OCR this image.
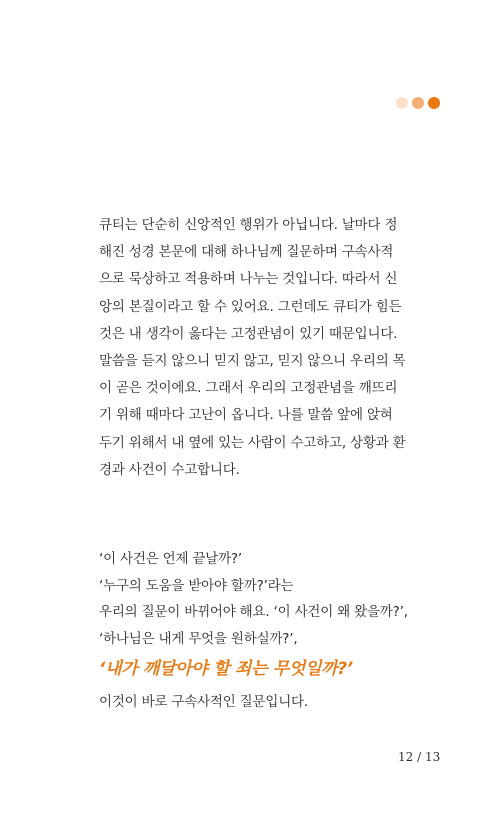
큐티는 단순히 신앙적인 행위가 아닙니다. 날마다 정
해진 성경 본문에 대해 하나님께 질문하며 구속사적
으로 묵상하고 적용하며 나누는 것입니다. 따라서 신
앙의 본질이라고 할 수 있어요. 그런데도 큐티가 힘든
것은 내 생각이 옳다는 고정관념이 있기 때문입니다.
말씀을 듣지 않으니 믿지 않고, 믿지 않으니 우리의 목
이 곧은 것이에요. 그래서 우리의 고정관념을 깨뜨리
기 위해 때마다 고난이 옵니다. 나를 말씀 앞에 앉혀
두기 위해서 내 옆에 있는 사람이 수고하고, 상황과 환
경과 사건이 수고합니다.
‘이 사건은 언제 끝날까?’
‘누구의 도움을 받아야 할까?’라는
우리의 질문이 바뀌어야 해요. ‘이 사건이 왜 왔을까?’,
‘하나님은 내게 무엇을 원하실까?’,
‘내가 깨달아야 할 죄는 무엇일까?’
이것이 바로 구속사적인 질문입니다.
12 / 13
